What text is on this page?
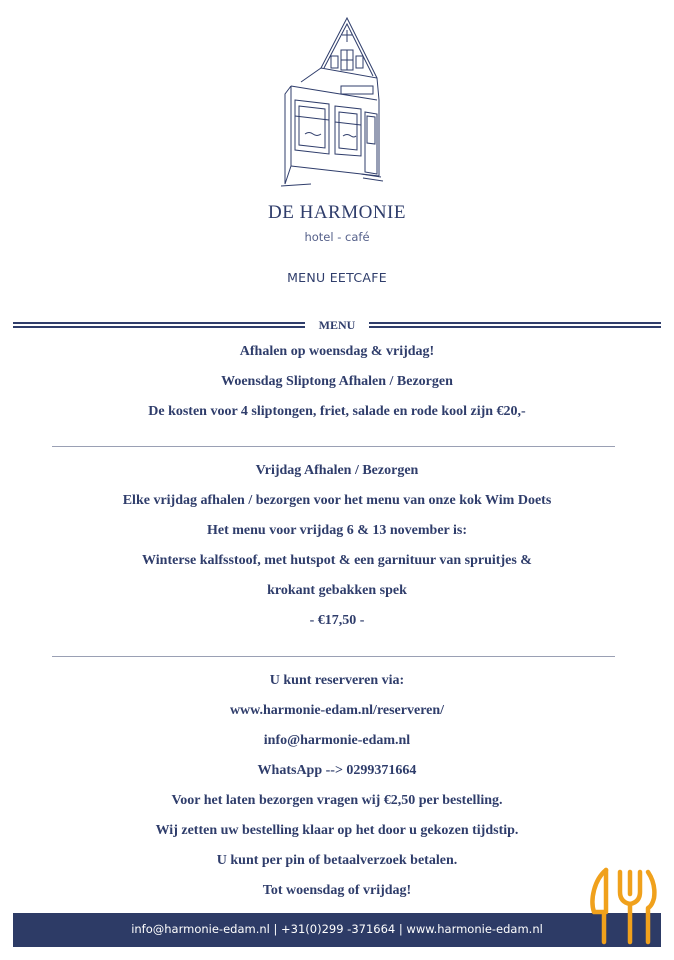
DE HARMONIE
hotel - café
MENU EETCAFE
MENU
Afhalen op woensdag & vrijdag!
Woensdag Sliptong Afhalen / Bezorgen
De kosten voor 4 sliptongen, friet, salade en rode kool zijn €20,-
Vrijdag Afhalen / Bezorgen
Elke vrijdag afhalen / bezorgen voor het menu van onze kok Wim Doets
Het menu voor vrijdag 6 & 13 november is:
Winterse kalfsstoof, met hutspot & een garnituur van spruitjes &
krokant gebakken spek
- €17,50 -
U kunt reserveren via:
www.harmonie-edam.nl/reserveren/
info@harmonie-edam.nl
WhatsApp --> 0299371664
Voor het laten bezorgen vragen wij €2,50 per bestelling.
Wij zetten uw bestelling klaar op het door u gekozen tijdstip.
U kunt per pin of betaalverzoek betalen.
Tot woensdag of vrijdag!
info@harmonie-edam.nl | +31(0)299 -371664 | www.harmonie-edam.nl
